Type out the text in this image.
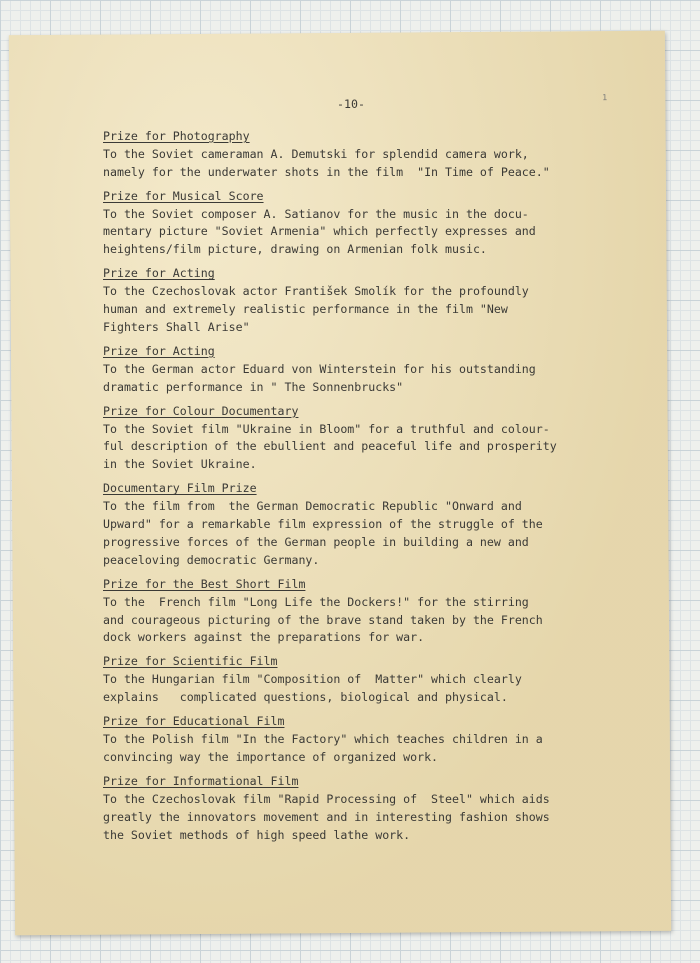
1
-10-
Prize for Photography
To the Soviet cameraman A. Demutski for splendid camera work,
namely for the underwater shots in the film  "In Time of Peace."
Prize for Musical Score
To the Soviet composer A. Satianov for the music in the docu-
mentary picture "Soviet Armenia" which perfectly expresses and
heightens/film picture, drawing on Armenian folk music.
Prize for Acting
To the Czechoslovak actor František Smolík for the profoundly
human and extremely realistic performance in the film "New
Fighters Shall Arise"
Prize for Acting
To the German actor Eduard von Winterstein for his outstanding
dramatic performance in " The Sonnenbrucks"
Prize for Colour Documentary
To the Soviet film "Ukraine in Bloom" for a truthful and colour-
ful description of the ebullient and peaceful life and prosperity
in the Soviet Ukraine.
Documentary Film Prize
To the film from  the German Democratic Republic "Onward and
Upward" for a remarkable film expression of the struggle of the
progressive forces of the German people in building a new and
peaceloving democratic Germany.
Prize for the Best Short Film
To the  French film "Long Life the Dockers!" for the stirring
and courageous picturing of the brave stand taken by the French
dock workers against the preparations for war.
Prize for Scientific Film
To the Hungarian film "Composition of  Matter" which clearly
explains   complicated questions, biological and physical.
Prize for Educational Film
To the Polish film "In the Factory" which teaches children in a
convincing way the importance of organized work.
Prize for Informational Film
To the Czechoslovak film "Rapid Processing of  Steel" which aids
greatly the innovators movement and in interesting fashion shows
the Soviet methods of high speed lathe work.
